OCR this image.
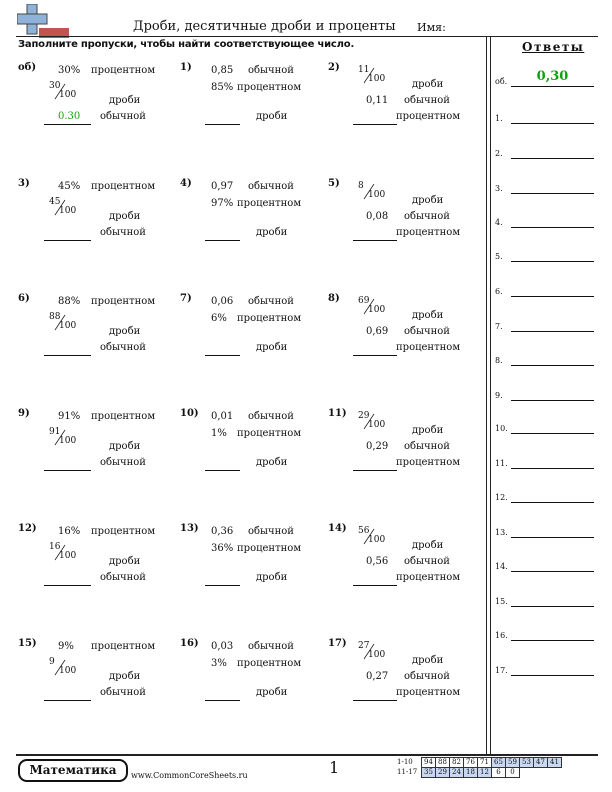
Дроби, десятичные дроби и проценты Имя:
Заполните пропуски, чтобы найти соответствующее число.
об) 30% процентном
30
100	дроби
0.30 обычной
1) 0,85 обычной
85% процентном
дроби
2) 11
100	дроби
0,11 обычной
процентном
3)	45% процентном
45
100	дроби
обычной
4) 0,97 обычной
97% процентном
дроби
5) 8
100	дроби
0,08 обычной
процентном
6)	88% процентном
88
100	дроби
обычной
7) 0,06 обычной
6% процентном
дроби
8) 69
100	дроби
0,69 обычной
процентном
9)	91% процентном
91
100	дроби
обычной
10) 0,01 обычной
1% процентном
дроби
11) 29
100	дроби
0,29 обычной
процентном
12) 16% процентном
16
100	дроби
обычной
13) 0,36 обычной
36% процентном
дроби
14) 56
100	дроби
0,56 обычной
процентном
15) 9% процентном
9
100	дроби
обычной
16) 0,03 обычной
3% процентном
дроби
17) 27
100	дроби
0,27 обычной
процентном
Ответы
об.	0,30
1.
2.
3.
4.
5.
6.
7.
8.
9.
10.
11.
12.
13.
14.
15.
16.
17.
Математика	www.CommonCoreSheets.ru	1	1-10	94	88	82	76	71	65	59	53	47	41
11-17	35	29	24	18	12	6	0			
